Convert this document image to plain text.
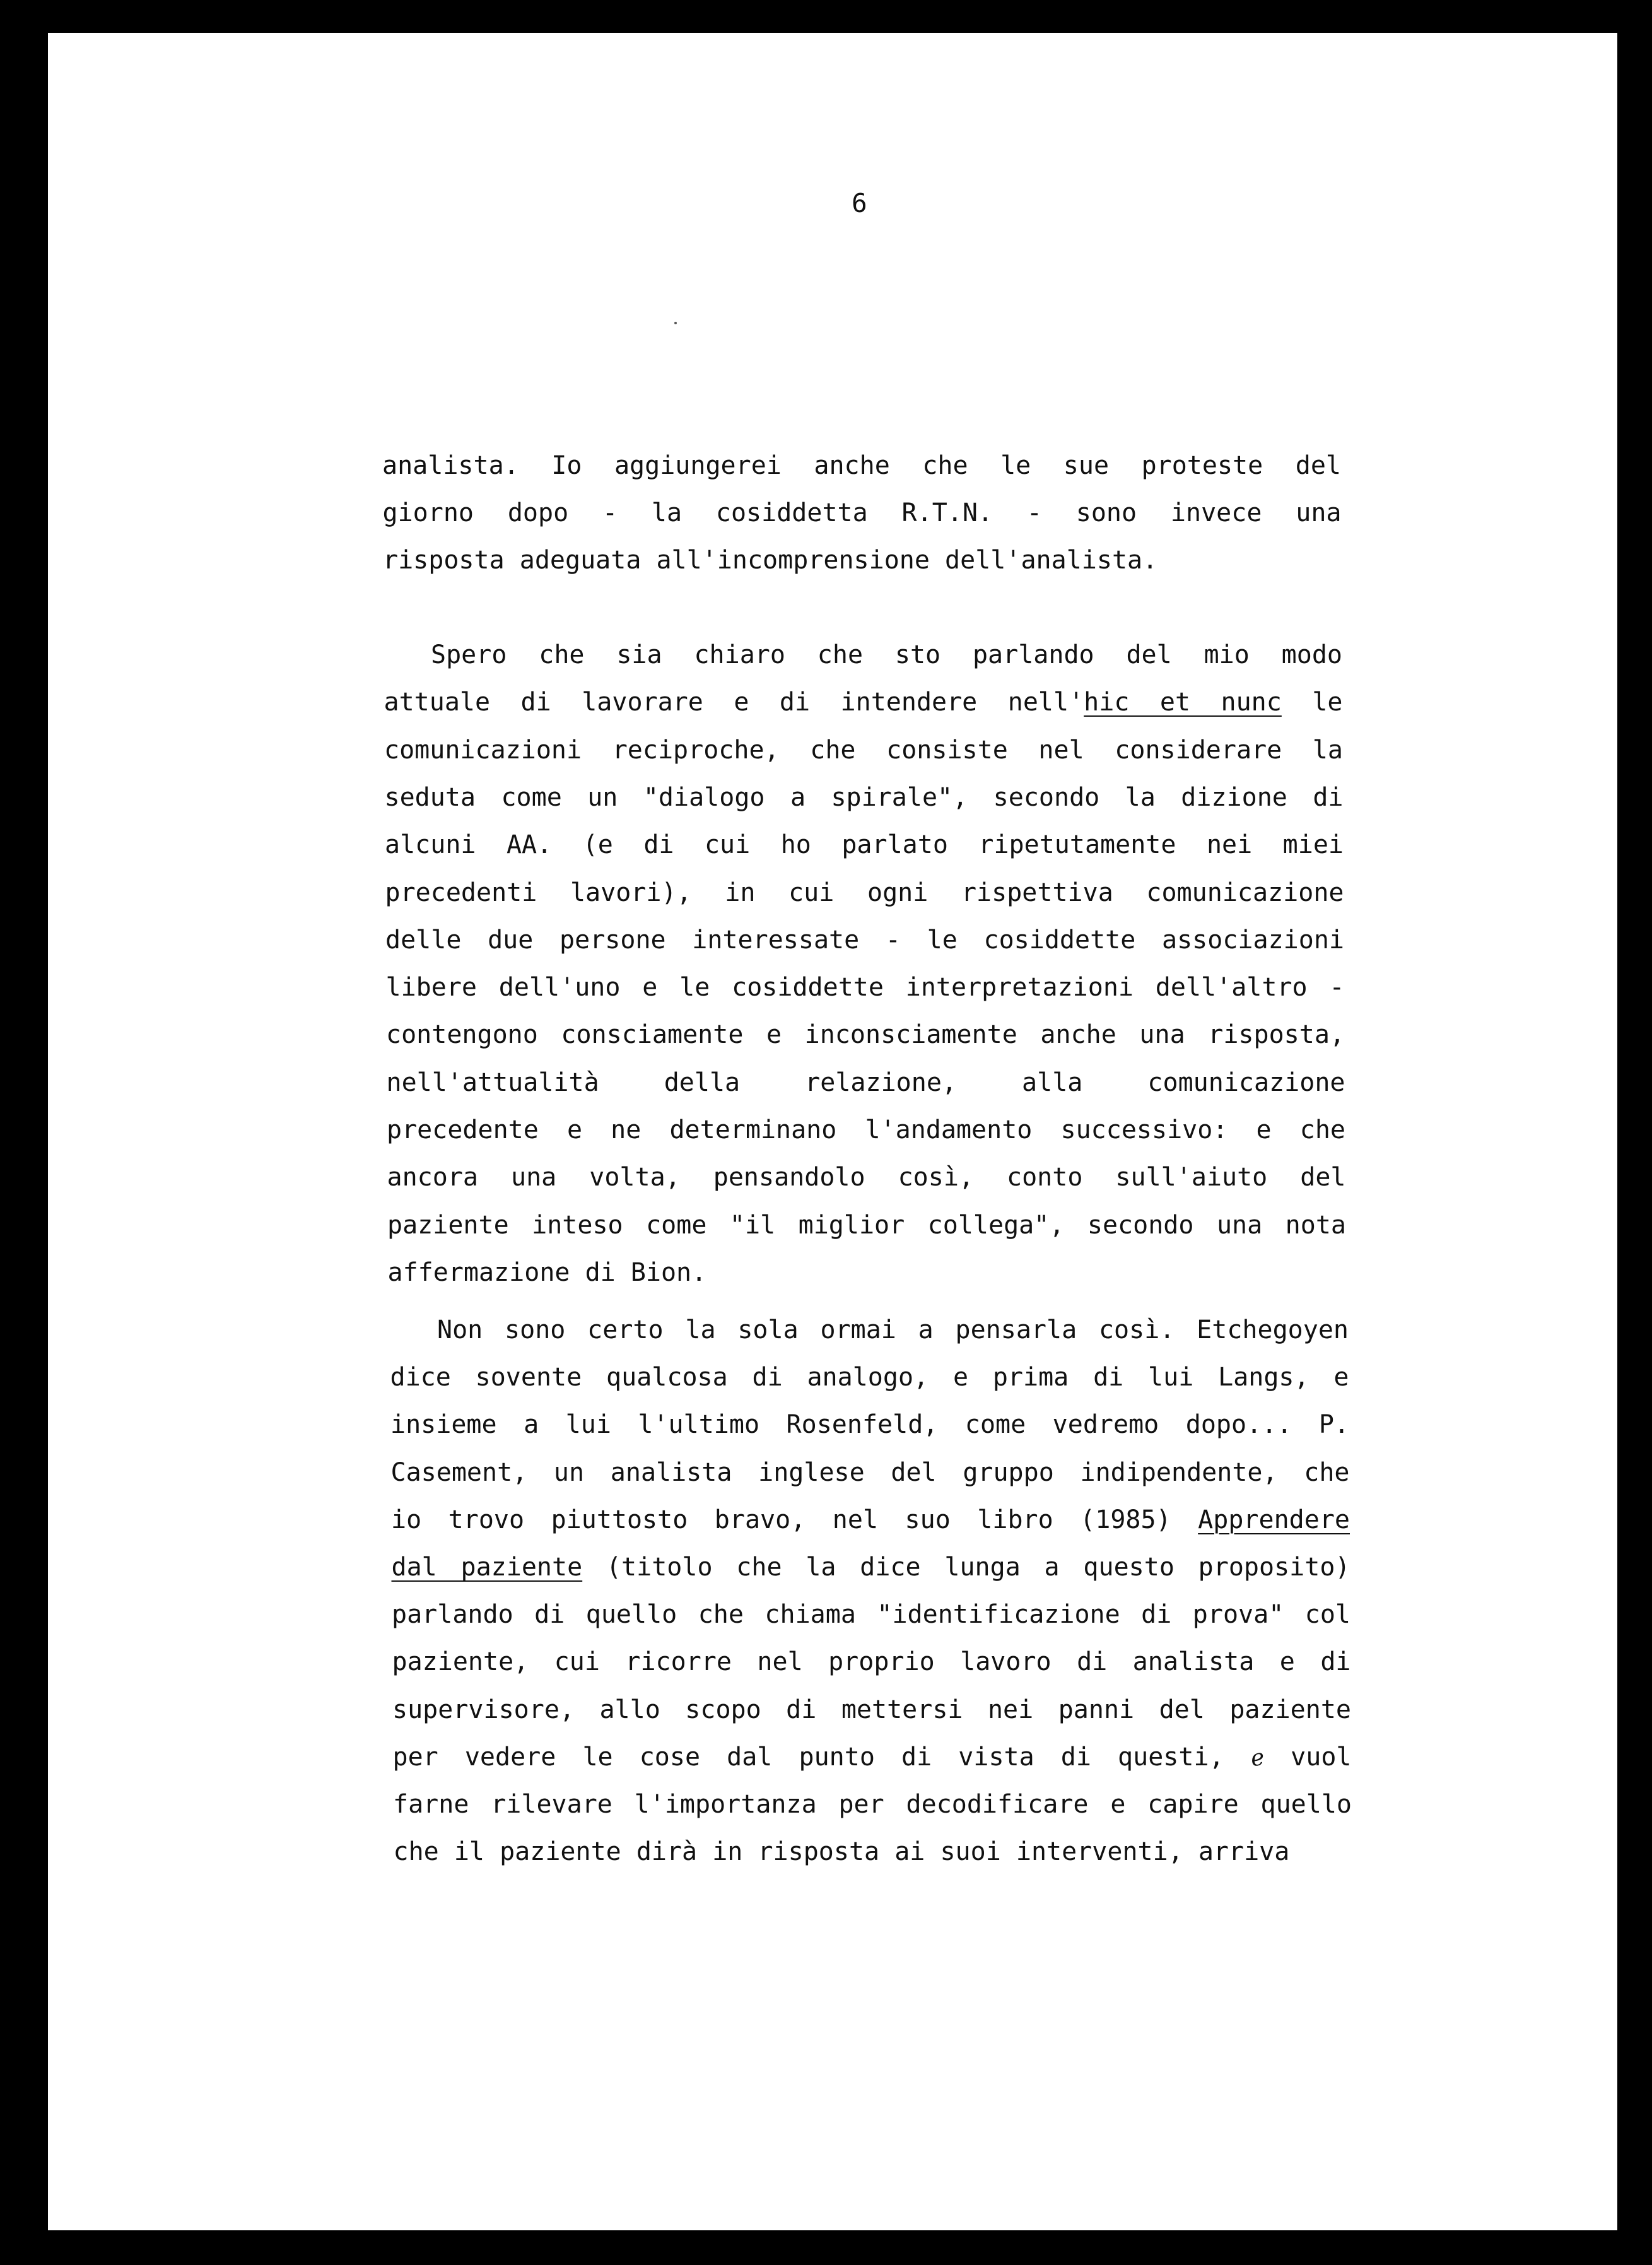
6
analista. Io aggiungerei anche che le sue proteste del
giorno dopo - la cosiddetta R.T.N. - sono invece una
risposta adeguata all'incomprensione dell'analista.
Spero che sia chiaro che sto parlando del mio modo
attuale di lavorare e di intendere nell'hic et nunc le
comunicazioni reciproche, che consiste nel considerare la
seduta come un "dialogo a spirale", secondo la dizione di
alcuni AA. (e di cui ho parlato ripetutamente nei miei
precedenti lavori), in cui ogni rispettiva comunicazione
delle due persone interessate - le cosiddette associazioni
libere dell'uno e le cosiddette interpretazioni dell'altro -
contengono consciamente e inconsciamente anche una risposta,
nell'attualità della relazione, alla comunicazione
precedente e ne determinano l'andamento successivo: e che
ancora una volta, pensandolo così, conto sull'aiuto del
paziente inteso come "il miglior collega", secondo una nota
affermazione di Bion.
Non sono certo la sola ormai a pensarla così. Etchegoyen
dice sovente qualcosa di analogo, e prima di lui Langs, e
insieme a lui l'ultimo Rosenfeld, come vedremo dopo... P.
Casement, un analista inglese del gruppo indipendente, che
io trovo piuttosto bravo, nel suo libro (1985) Apprendere
dal paziente (titolo che la dice lunga a questo proposito)
parlando di quello che chiama "identificazione di prova" col
paziente, cui ricorre nel proprio lavoro di analista e di
supervisore, allo scopo di mettersi nei panni del paziente
per vedere le cose dal punto di vista di questi, e vuol
farne rilevare l'importanza per decodificare e capire quello
che il paziente dirà in risposta ai suoi interventi, arriva
